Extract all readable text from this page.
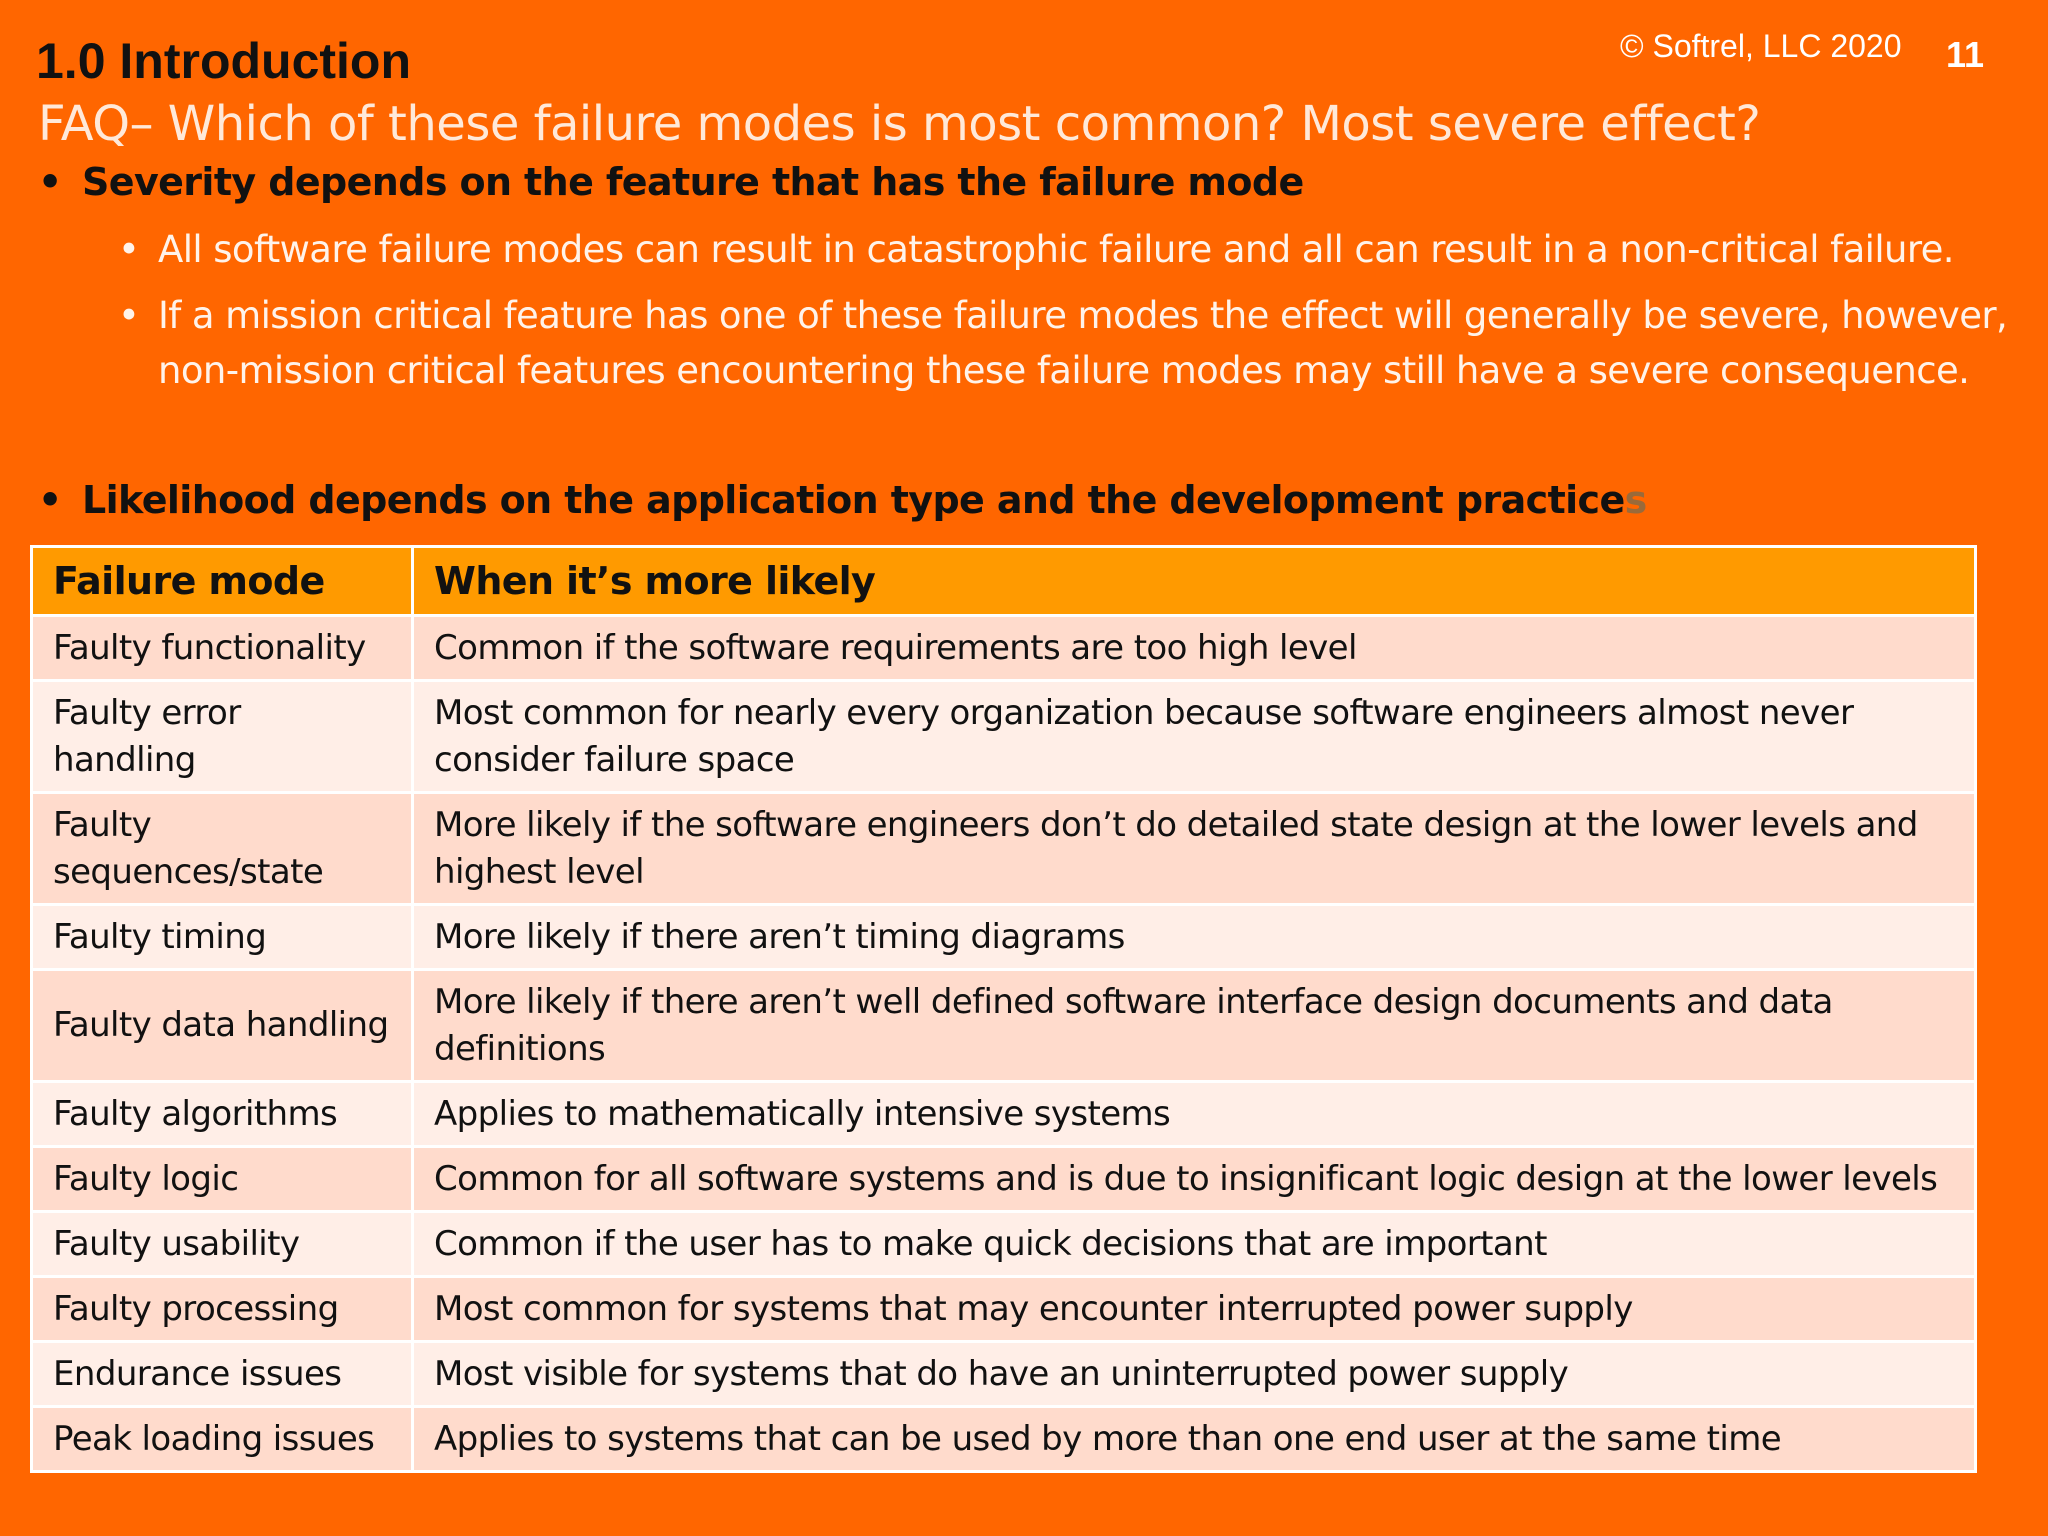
© Softrel, LLC 2020 11
1.0 Introduction
FAQ– Which of these failure modes is most common? Most severe effect?
• Severity depends on the feature that has the failure mode
• All software failure modes can result in catastrophic failure and all can result in a non-critical failure.
• If a mission critical feature has one of these failure modes the effect will generally be severe, however, non-mission critical features encountering these failure modes may still have a severe consequence.
• Likelihood depends on the application type and the development practices
Failure mode	When it’s more likely
Faulty functionality	Common if the software requirements are too high level
Faulty error handling	Most common for nearly every organization because software engineers almost never consider failure space
Faulty sequences/state	More likely if the software engineers don’t do detailed state design at the lower levels and highest level
Faulty timing	More likely if there aren’t timing diagrams
Faulty data handling	More likely if there aren’t well defined software interface design documents and data definitions
Faulty algorithms	Applies to mathematically intensive systems
Faulty logic	Common for all software systems and is due to insignificant logic design at the lower levels
Faulty usability	Common if the user has to make quick decisions that are important
Faulty processing	Most common for systems that may encounter interrupted power supply
Endurance issues	Most visible for systems that do have an uninterrupted power supply
Peak loading issues	Applies to systems that can be used by more than one end user at the same time
